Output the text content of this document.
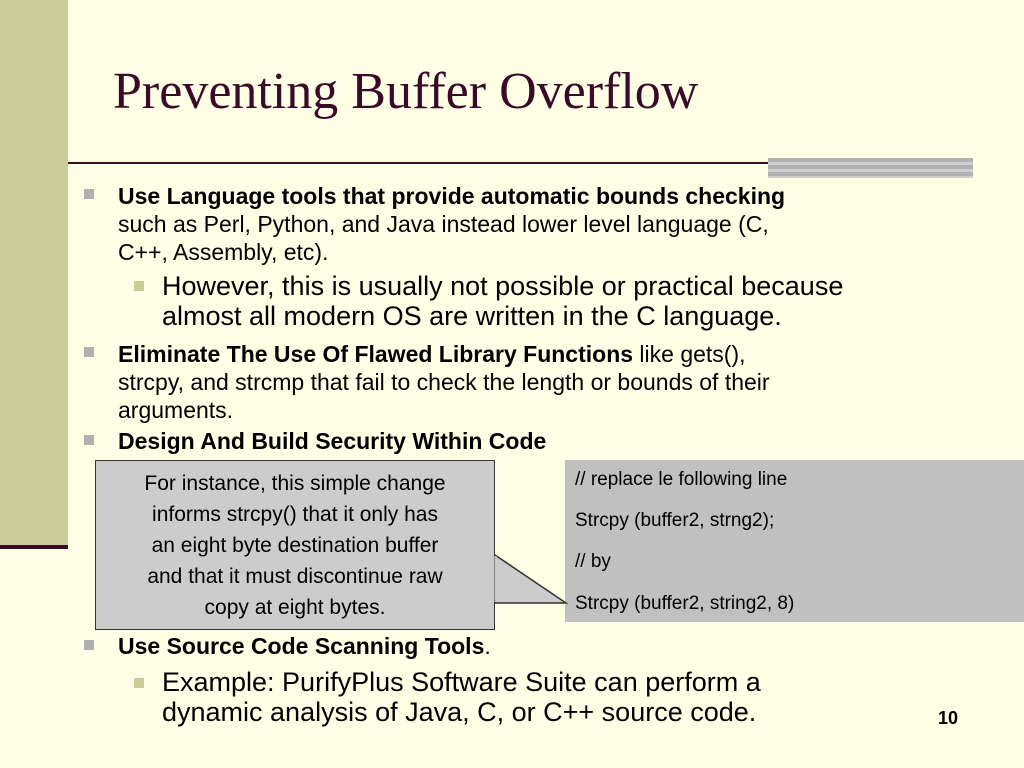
Preventing Buffer Overflow
Use Language tools that provide automatic bounds checking
such as Perl, Python, and Java instead lower level language (C,
C++, Assembly, etc).
However, this is usually not possible or practical because
almost all modern OS are written in the C language.
Eliminate The Use Of Flawed Library Functions like gets(),
strcpy, and strcmp that fail to check the length or bounds of their
arguments.
Design And Build Security Within Code
// replace le following line
Strcpy (buffer2, strng2);
// by
Strcpy (buffer2, string2, 8)
For instance, this simple change
informs strcpy() that it only has
an eight byte destination buffer
and that it must discontinue raw
copy at eight bytes.
Use Source Code Scanning Tools.
Example: PurifyPlus Software Suite can perform a
dynamic analysis of Java, C, or C++ source code.	10
